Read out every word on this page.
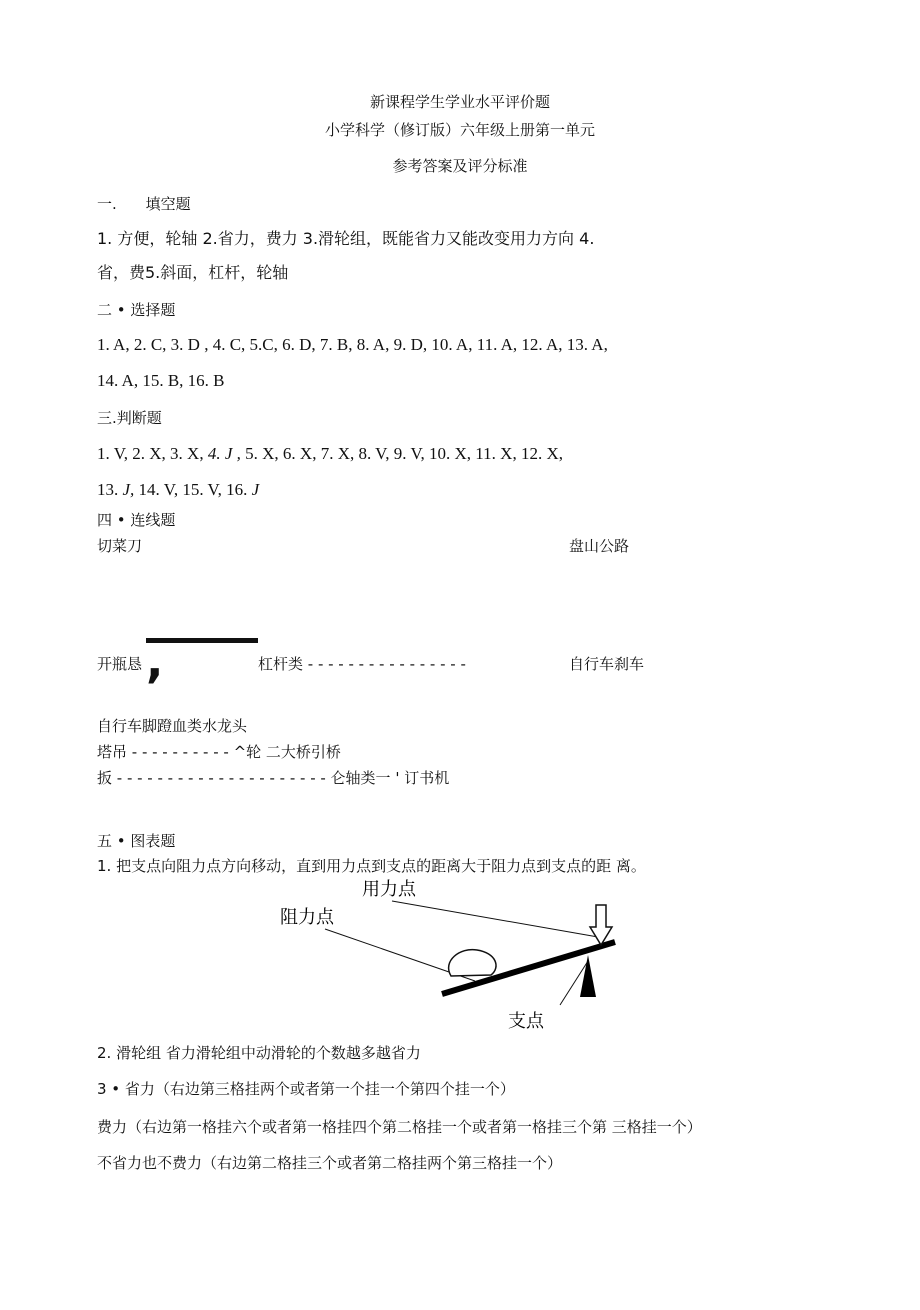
新课程学生学业水平评价题
小学科学（修订版）六年级上册第一单元
参考答案及评分标准
一. 填空题
1. 方便，轮轴 2.省力，费力 3.滑轮组，既能省力又能改变用力方向 4.
省，费5.斜面，杠杆，轮轴
二 • 选择题
1. A, 2. C, 3. D , 4. C, 5.C, 6. D, 7. B, 8. A, 9. D, 10. A, 11. A, 12. A, 13. A,
14. A, 15. B, 16. B
三.判断题
1. V, 2. X, 3. X, 4. J , 5. X, 6. X, 7. X, 8. V, 9. V, 10. X, 11. X, 12. X,
13. J, 14. V, 15. V, 16. J
四 • 连线题
切菜刀	盘山公路
开瓶恳 ,	杠杆类 - - - - - - - - - - - - - - - -	自行车刹车
自行车脚蹬血类水龙头
塔吊 - - - - - - - - - - ^轮 二大桥引桥
扳 - - - - - - - - - - - - - - - - - - - - - 仑轴类一 ' 订书机
五 • 图表题
1. 把支点向阻力点方向移动，直到用力点到支点的距离大于阻力点到支点的距 离。
用力点
阻力点
支点
2. 滑轮组 省力滑轮组中动滑轮的个数越多越省力
3 • 省力（右边第三格挂两个或者第一个挂一个第四个挂一个）
费力（右边第一格挂六个或者第一格挂四个第二格挂一个或者第一格挂三个第 三格挂一个）
不省力也不费力（右边第二格挂三个或者第二格挂两个第三格挂一个）
